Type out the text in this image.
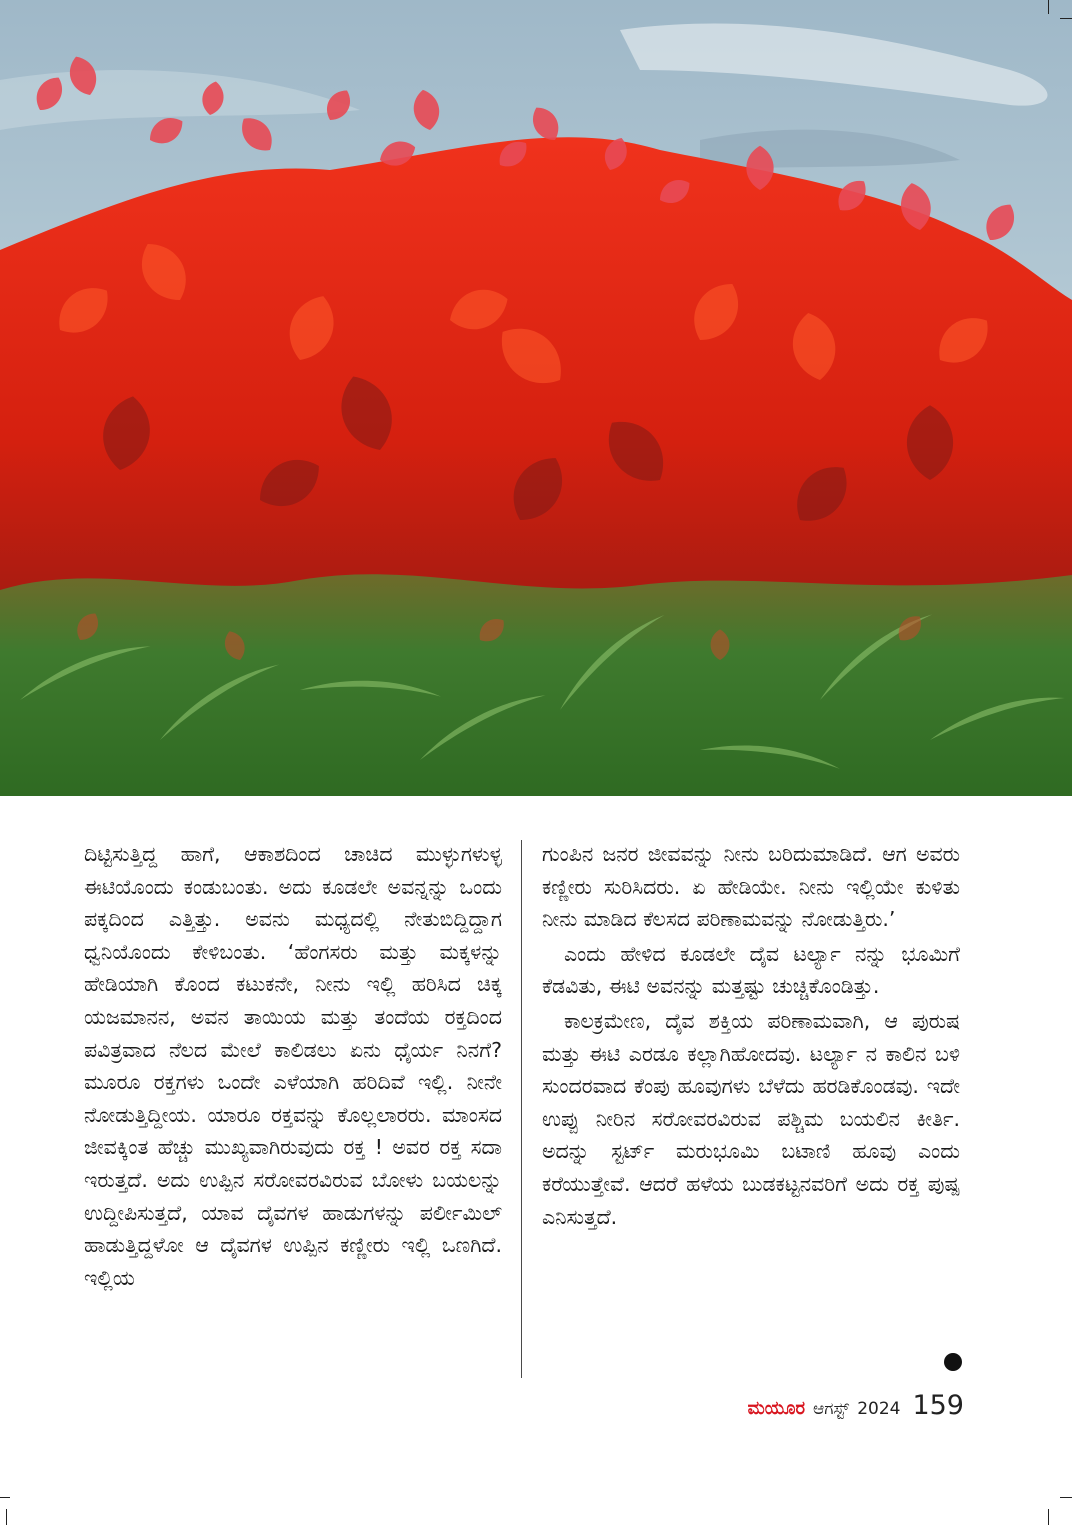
ದಿಟ್ಟಿಸುತ್ತಿದ್ದ ಹಾಗೆ, ಆಕಾಶದಿಂದ ಚಾಚಿದ ಮುಳ್ಳುಗಳುಳ್ಳ ಈಟಿಯೊಂದು ಕಂಡುಬಂತು. ಅದು ಕೂಡಲೇ ಅವನ್ನನ್ನು ಒಂದು ಪಕ್ಕದಿಂದ ಎತ್ತಿತ್ತು. ಅವನು ಮಧ್ಯದಲ್ಲಿ ನೇತುಬಿದ್ದಿದ್ದಾಗ ಧ್ವನಿಯೊಂದು ಕೇಳಿಬಂತು. ‘ಹೆಂಗಸರು ಮತ್ತು ಮಕ್ಕಳನ್ನು ಹೇಡಿಯಾಗಿ ಕೊಂದ ಕಟುಕನೇ, ನೀನು ಇಲ್ಲಿ ಹರಿಸಿದ ಚಿಕ್ಕ ಯಜಮಾನನ, ಅವನ ತಾಯಿಯ ಮತ್ತು ತಂದೆಯ ರಕ್ತದಿಂದ ಪವಿತ್ರವಾದ ನೆಲದ ಮೇಲೆ ಕಾಲಿಡಲು ಏನು ಧೈರ್ಯ ನಿನಗೆ? ಮೂರೂ ರಕ್ತಗಳು ಒಂದೇ ಎಳೆಯಾಗಿ ಹರಿದಿವೆ ಇಲ್ಲಿ. ನೀನೇ ನೋಡುತ್ತಿದ್ದೀಯ. ಯಾರೂ ರಕ್ತವನ್ನು ಕೊಲ್ಲಲಾರರು. ಮಾಂಸದ ಜೀವಕ್ಕಿಂತ ಹೆಚ್ಚು ಮುಖ್ಯವಾಗಿರುವುದು ರಕ್ತ ! ಅವರ ರಕ್ತ ಸದಾ ಇರುತ್ತದೆ. ಅದು ಉಪ್ಪಿನ ಸರೋವರವಿರುವ ಬೋಳು ಬಯಲನ್ನು ಉದ್ದೀಪಿಸುತ್ತದೆ, ಯಾವ ದೈವಗಳ ಹಾಡುಗಳನ್ನು ಪರ್ಲೀಮಿಲ್ ಹಾಡುತ್ತಿದ್ದಳೋ ಆ ದೈವಗಳ ಉಪ್ಪಿನ ಕಣ್ಣೀರು ಇಲ್ಲಿ ಒಣಗಿದೆ. ಇಲ್ಲಿಯ

ಗುಂಪಿನ ಜನರ ಜೀವವನ್ನು ನೀನು ಬರಿದುಮಾಡಿದೆ. ಆಗ ಅವರು ಕಣ್ಣೀರು ಸುರಿಸಿದರು. ಏ ಹೇಡಿಯೇ. ನೀನು ಇಲ್ಲಿಯೇ ಕುಳಿತು ನೀನು ಮಾಡಿದ ಕೆಲಸದ ಪರಿಣಾಮವನ್ನು ನೋಡುತ್ತಿರು.’

ಎಂದು ಹೇಳಿದ ಕೂಡಲೇ ದೈವ ಟರ್ಲ್ಯಾ ನನ್ನು ಭೂಮಿಗೆ ಕೆಡವಿತು, ಈಟಿ ಅವನನ್ನು ಮತ್ತಷ್ಟು ಚುಚ್ಚಿಕೊಂಡಿತ್ತು.

ಕಾಲಕ್ರಮೇಣ, ದೈವ ಶಕ್ತಿಯ ಪರಿಣಾಮವಾಗಿ, ಆ ಪುರುಷ ಮತ್ತು ಈಟಿ ಎರಡೂ ಕಲ್ಲಾಗಿಹೋದವು. ಟರ್ಲ್ಯಾ ನ ಕಾಲಿನ ಬಳಿ ಸುಂದರವಾದ ಕೆಂಪು ಹೂವುಗಳು ಬೆಳೆದು ಹರಡಿಕೊಂಡವು. ಇದೇ ಉಪ್ಪು ನೀರಿನ ಸರೋವರವಿರುವ ಪಶ್ಚಿಮ ಬಯಲಿನ ಕೀರ್ತಿ. ಅದನ್ನು ಸ್ಟರ್ಟ್ ಮರುಭೂಮಿ ಬಟಾಣಿ ಹೂವು ಎಂದು ಕರೆಯುತ್ತೇವೆ. ಆದರೆ ಹಳೆಯ ಬುಡಕಟ್ಟನವರಿಗೆ ಅದು ರಕ್ತ ಪುಷ್ಪ ಎನಿಸುತ್ತದೆ.

ಮಯೂರ ಆಗಸ್ಟ್ 2024 159
